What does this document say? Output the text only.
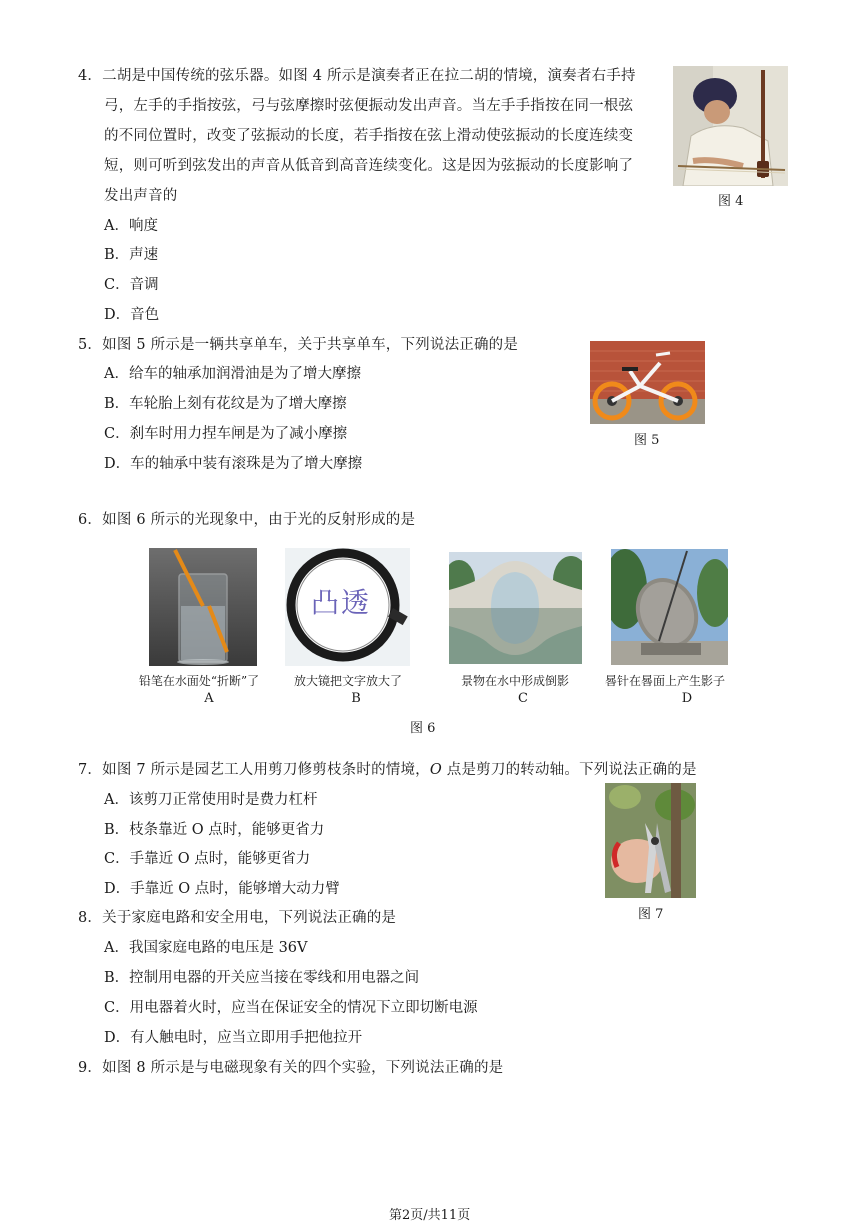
4．二胡是中国传统的弦乐器。如图 4 所示是演奏者正在拉二胡的情境，演奏者右手持
弓，左手的手指按弦，弓与弦摩擦时弦便振动发出声音。当左手手指按在同一根弦
的不同位置时，改变了弦振动的长度，若手指按在弦上滑动使弦振动的长度连续变
短，则可听到弦发出的声音从低音到高音连续变化。这是因为弦振动的长度影响了
发出声音的
A．响度
B．声速
C．音调
D．音色
图 4
5．如图 5 所示是一辆共享单车，关于共享单车，下列说法正确的是
A．给车的轴承加润滑油是为了增大摩擦
B．车轮胎上刻有花纹是为了增大摩擦
C．刹车时用力捏车闸是为了减小摩擦
D．车的轴承中装有滚珠是为了增大摩擦
图 5
6．如图 6 所示的光现象中，由于光的反射形成的是
铅笔在水面处“折断”了
A
凸透
放大镜把文字放大了
B
景物在水中形成倒影
C
晷针在晷面上产生影子
D
图 6
7．如图 7 所示是园艺工人用剪刀修剪枝条时的情境，O 点是剪刀的转动轴。下列说法正确的是
A．该剪刀正常使用时是费力杠杆
B．枝条靠近 O 点时，能够更省力
C．手靠近 O 点时，能够更省力
D．手靠近 O 点时，能够增大动力臂
图 7
8．关于家庭电路和安全用电，下列说法正确的是
A．我国家庭电路的电压是 36V
B．控制用电器的开关应当接在零线和用电器之间
C．用电器着火时，应当在保证安全的情况下立即切断电源
D．有人触电时，应当立即用手把他拉开
9．如图 8 所示是与电磁现象有关的四个实验，下列说法正确的是
第2页/共11页
